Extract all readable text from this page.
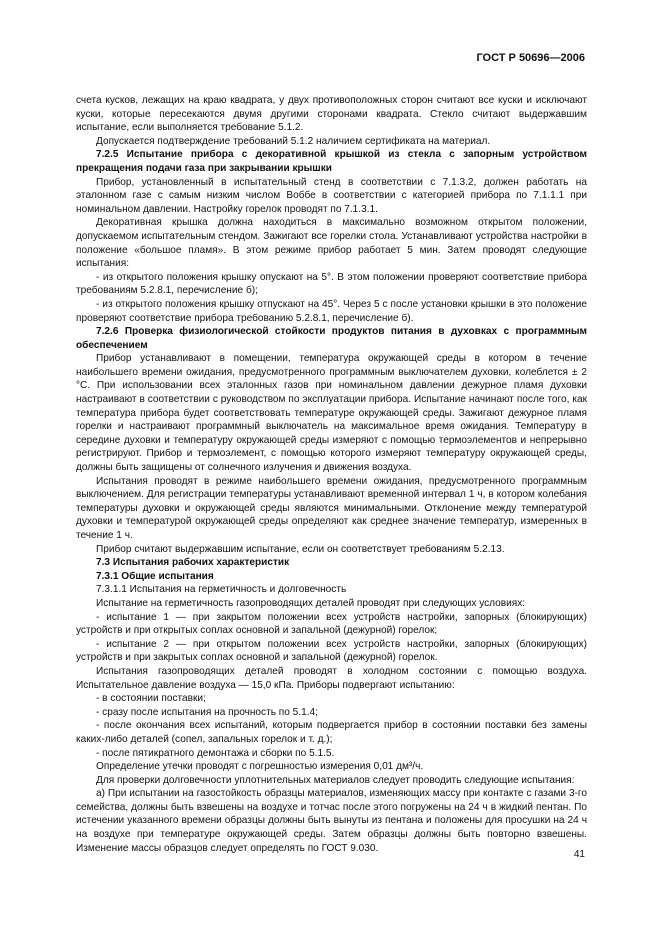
ГОСТ Р 50696—2006

счета кусков, лежащих на краю квадрата, у двух противоположных сторон считают все куски и исключают куски, которые пересекаются двумя другими сторонами квадрата. Стекло считают выдержавшим испытание, если выполняется требование 5.1.2.

Допускается подтверждение требований 5.1.2 наличием сертификата на материал.

7.2.5 Испытание прибора с декоративной крышкой из стекла с запорным устройством прекращения подачи газа при закрывании крышки

Прибор, установленный в испытательный стенд в соответствии с 7.1.3.2, должен работать на эталонном газе с самым низким числом Воббе в соответствии с категорией прибора по 7.1.1.1 при номинальном давлении. Настройку горелок проводят по 7.1.3.1.

Декоративная крышка должна находиться в максимально возможном открытом положении, допускаемом испытательным стендом. Зажигают все горелки стола. Устанавливают устройства настройки в положение «большое пламя». В этом режиме прибор работает 5 мин. Затем проводят следующие испытания:

- из открытого положения крышку опускают на 5°. В этом положении проверяют соответствие прибора требованиям 5.2.8.1, перечисление б);

- из открытого положения крышку отпускают на 45°. Через 5 с после установки крышки в это положение проверяют соответствие прибора требованию 5.2.8.1, перечисление б).

7.2.6 Проверка физиологической стойкости продуктов питания в духовках с программным обеспечением

Прибор устанавливают в помещении, температура окружающей среды в котором в течение наибольшего времени ожидания, предусмотренного программным выключателем духовки, колеблется ± 2 °С. При использовании всех эталонных газов при номинальном давлении дежурное пламя духовки настраивают в соответствии с руководством по эксплуатации прибора. Испытание начинают после того, как температура прибора будет соответствовать температуре окружающей среды. Зажигают дежурное пламя горелки и настраивают программный выключатель на максимальное время ожидания. Температуру в середине духовки и температуру окружающей среды измеряют с помощью термоэлементов и непрерывно регистрируют. Прибор и термоэлемент, с помощью которого измеряют температуру окружающей среды, должны быть защищены от солнечного излучения и движения воздуха.

Испытания проводят в режиме наибольшего времени ожидания, предусмотренного программным выключением. Для регистрации температуры устанавливают временной интервал 1 ч, в котором колебания температуры духовки и окружающей среды являются минимальными. Отклонение между температурой духовки и температурой окружающей среды определяют как среднее значение температур, измеренных в течение 1 ч.

Прибор считают выдержавшим испытание, если он соответствует требованиям 5.2.13.

7.3 Испытания рабочих характеристик

7.3.1 Общие испытания

7.3.1.1 Испытания на герметичность и долговечность

Испытание на герметичность газопроводящих деталей проводят при следующих условиях:

- испытание 1 — при закрытом положении всех устройств настройки, запорных (блокирующих) устройств и при открытых соплах основной и запальной (дежурной) горелок;

- испытание 2 — при открытом положении всех устройств настройки, запорных (блокирующих) устройств и при закрытых соплах основной и запальной (дежурной) горелок.

Испытания газопроводящих деталей проводят в холодном состоянии с помощью воздуха. Испытательное давление воздуха — 15,0 кПа. Приборы подвергают испытанию:

- в состоянии поставки;

- сразу после испытания на прочность по 5.1.4;

- после окончания всех испытаний, которым подвергается прибор в состоянии поставки без замены каких-либо деталей (сопел, запальных горелок и т. д.);

- после пятикратного демонтажа и сборки по 5.1.5.

Определение утечки проводят с погрешностью измерения 0,01 дм³/ч.

Для проверки долговечности уплотнительных материалов следует проводить следующие испытания:

а) При испытании на газостойкость образцы материалов, изменяющих массу при контакте с газами 3-го семейства, должны быть взвешены на воздухе и тотчас после этого погружены на 24 ч в жидкий пентан. По истечении указанного времени образцы должны быть вынуты из пентана и положены для просушки на 24 ч на воздухе при температуре окружающей среды. Затем образцы должны быть повторно взвешены. Изменение массы образцов следует определять по ГОСТ 9.030.

41
